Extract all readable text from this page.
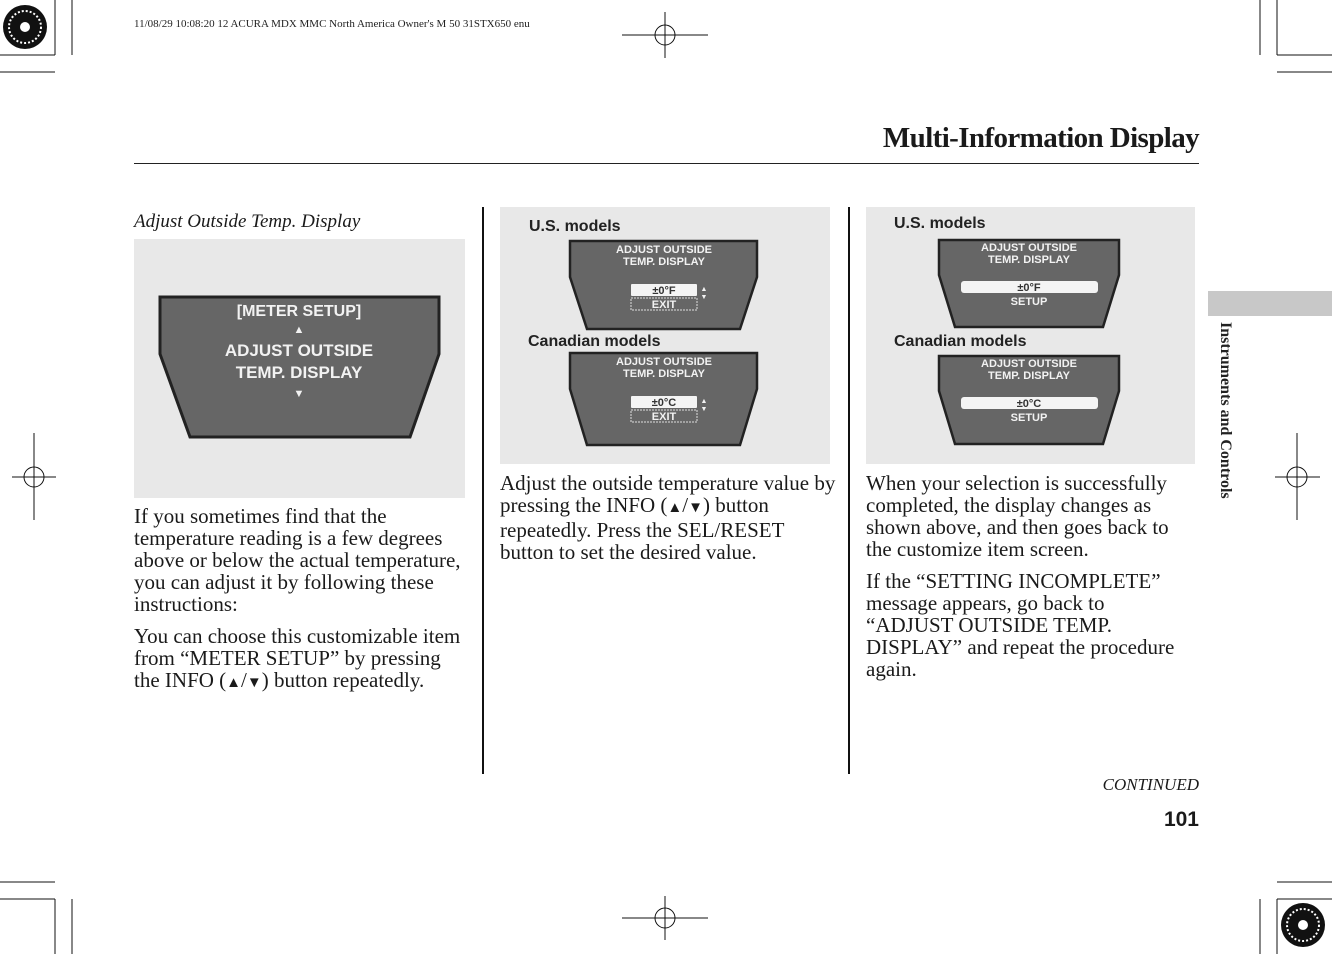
11/08/29 10:08:20 12 ACURA MDX MMC North America Owner's M 50 31STX650 enu
Multi-Information Display
Adjust Outside Temp. Display
[METER SETUP]
▲
ADJUST OUTSIDE
TEMP. DISPLAY
▼

If you sometimes find that the temperature reading is a few degrees above or below the actual temperature, you can adjust it by following these instructions:

You can choose this customizable item from “METER SETUP” by pressing the INFO (▲/▼) button repeatedly.

U.S. models
Canadian models
ADJUST OUTSIDE
TEMP. DISPLAY
±0°F
EXIT
▲
▼
ADJUST OUTSIDE
TEMP. DISPLAY
±0°C
EXIT
▲
▼

Adjust the outside temperature value by pressing the INFO (▲/▼) button repeatedly. Press the SEL/RESET button to set the desired value.

U.S. models
Canadian models
ADJUST OUTSIDE
TEMP. DISPLAY
±0°F
SETUP
ADJUST OUTSIDE
TEMP. DISPLAY
±0°C
SETUP

When your selection is successfully completed, the display changes as shown above, and then goes back to the customize item screen.

If the “SETTING INCOMPLETE” message appears, go back to “ADJUST OUTSIDE TEMP. DISPLAY” and repeat the procedure again.

Instruments and Controls
CONTINUED
101
